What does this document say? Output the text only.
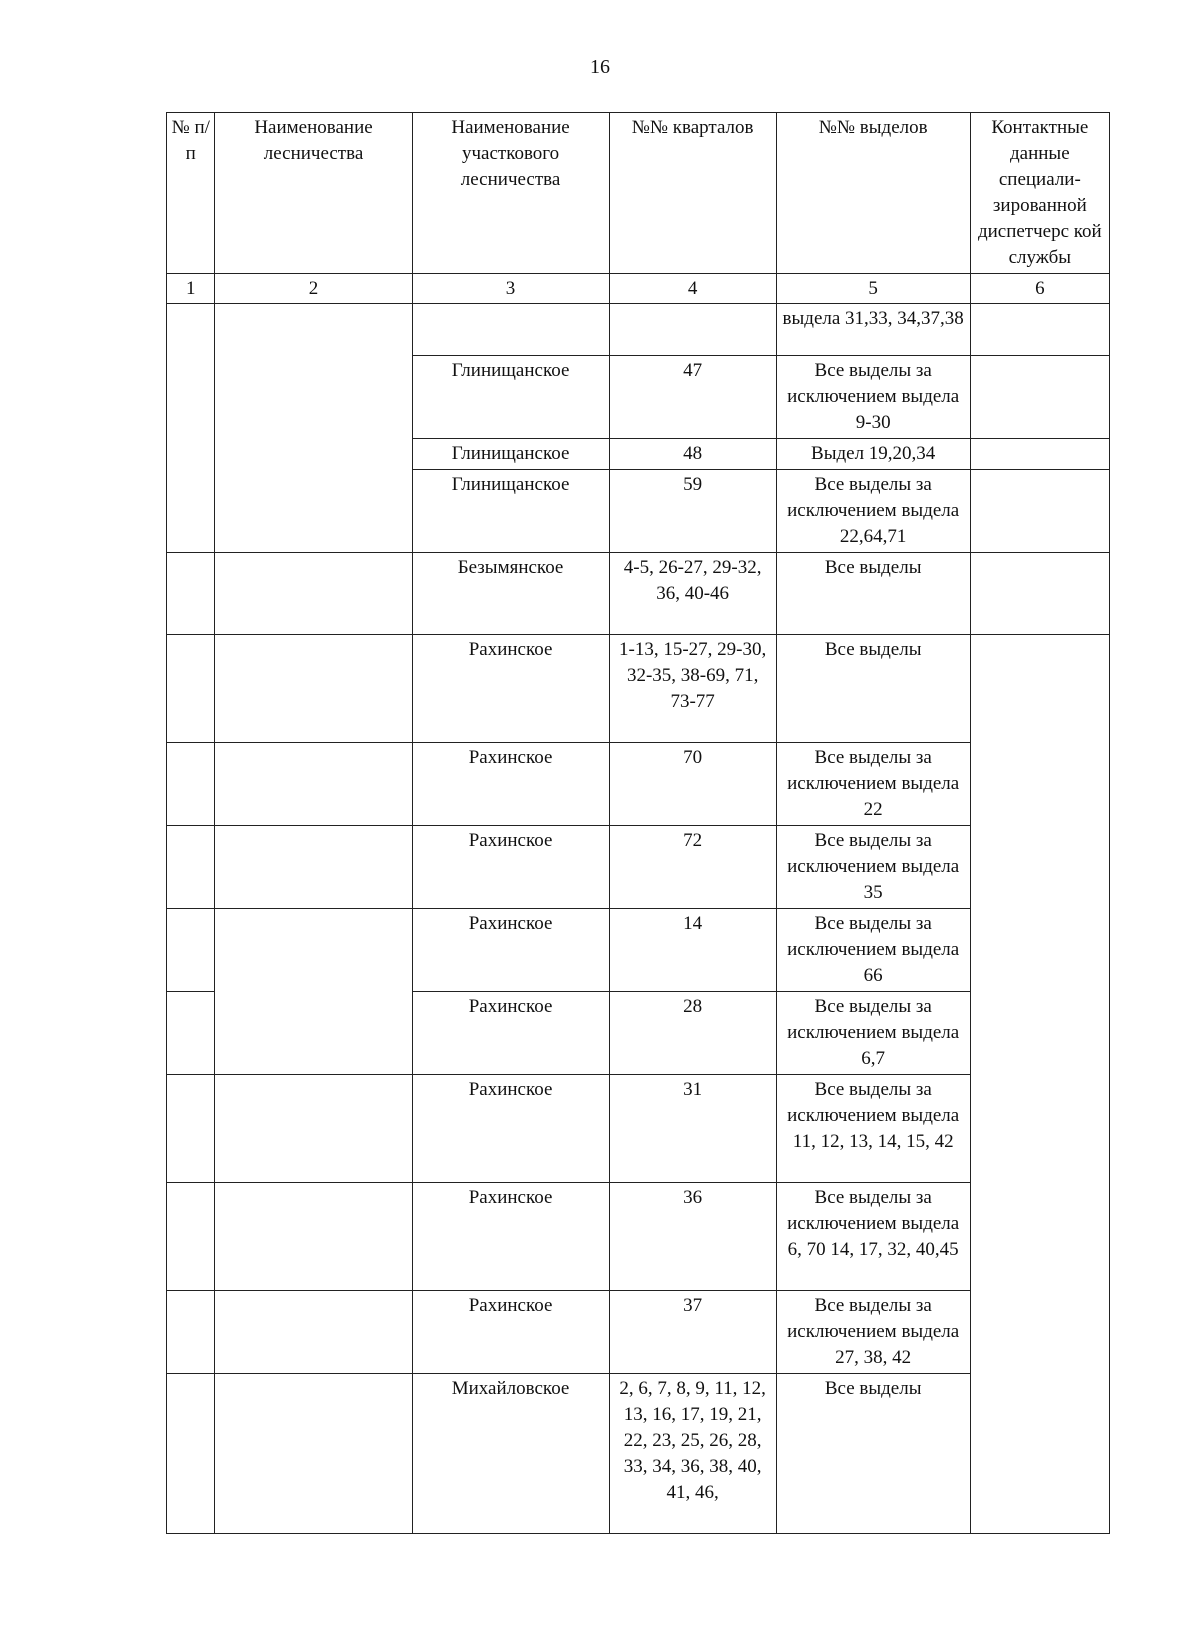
16
№ п/п	Наименование лесничества	Наименование участкового лесничества	№№ кварталов	№№ выделов	Контактные данные специали-зированной диспетчерс кой службы
1	2	3	4	5	6
				выдела 31,33, 34,37,38	
		Глинищанское	47	Все выделы за исключением выдела 9-30	
		Глинищанское	48	Выдел 19,20,34	
		Глинищанское	59	Все выделы за исключением выдела 22,64,71	
		Безымянское	4-5, 26-27, 29-32, 36, 40-46	Все выделы	
		Рахинское	1-13, 15-27, 29-30, 32-35, 38-69, 71, 73-77	Все выделы	
		Рахинское	70	Все выделы за исключением выдела 22	
		Рахинское	72	Все выделы за исключением выдела 35	
		Рахинское	14	Все выделы за исключением выдела 66	
		Рахинское	28	Все выделы за исключением выдела 6,7	
		Рахинское	31	Все выделы за исключением выдела 11, 12, 13, 14, 15, 42	
		Рахинское	36	Все выделы за исключением выдела 6, 70 14, 17, 32, 40,45	
		Рахинское	37	Все выделы за исключением выдела 27, 38, 42	
		Михайловское	2, 6, 7, 8, 9, 11, 12, 13, 16, 17, 19, 21, 22, 23, 25, 26, 28, 33, 34, 36, 38, 40, 41, 46,	Все выделы	
